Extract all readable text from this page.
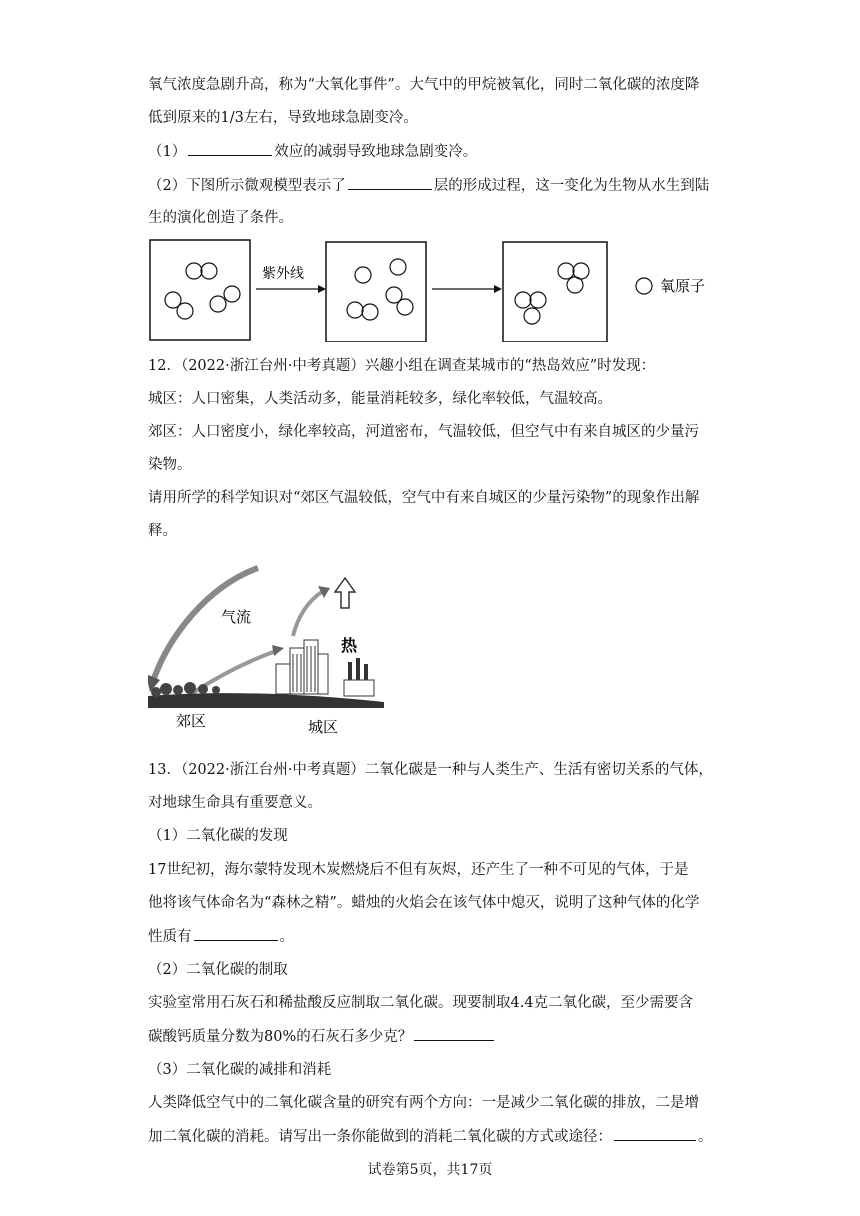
氧气浓度急剧升高，称为“大氧化事件”。大气中的甲烷被氧化，同时二氧化碳的浓度降
低到原来的1/3左右，导致地球急剧变冷。
（1）	效应的减弱导致地球急剧变冷。
（2）下图所示微观模型表示了	层的形成过程，这一变化为生物从水生到陆
生的演化创造了条件。
紫外线
氧原子
12．（2022·浙江台州·中考真题）兴趣小组在调查某城市的“热岛效应”时发现：
城区：人口密集，人类活动多，能量消耗较多，绿化率较低，气温较高。
郊区：人口密度小，绿化率较高，河道密布，气温较低，但空气中有来自城区的少量污
染物。
请用所学的科学知识对“郊区气温较低，空气中有来自城区的少量污染物”的现象作出解
释。
气流
热
郊区	城区
13．（2022·浙江台州·中考真题）二氧化碳是一种与人类生产、生活有密切关系的气体，
对地球生命具有重要意义。
（1）二氧化碳的发现
17世纪初，海尔蒙特发现木炭燃烧后不但有灰烬，还产生了一种不可见的气体，于是
他将该气体命名为“森林之精”。蜡烛的火焰会在该气体中熄灭，说明了这种气体的化学
性质有	。
（2）二氧化碳的制取
实验室常用石灰石和稀盐酸反应制取二氧化碳。现要制取4.4克二氧化碳，至少需要含
碳酸钙质量分数为80%的石灰石多少克？
（3）二氧化碳的减排和消耗
人类降低空气中的二氧化碳含量的研究有两个方向：一是减少二氧化碳的排放，二是增
加二氧化碳的消耗。请写出一条你能做到的消耗二氧化碳的方式或途径：	。
试卷第5页，共17页
